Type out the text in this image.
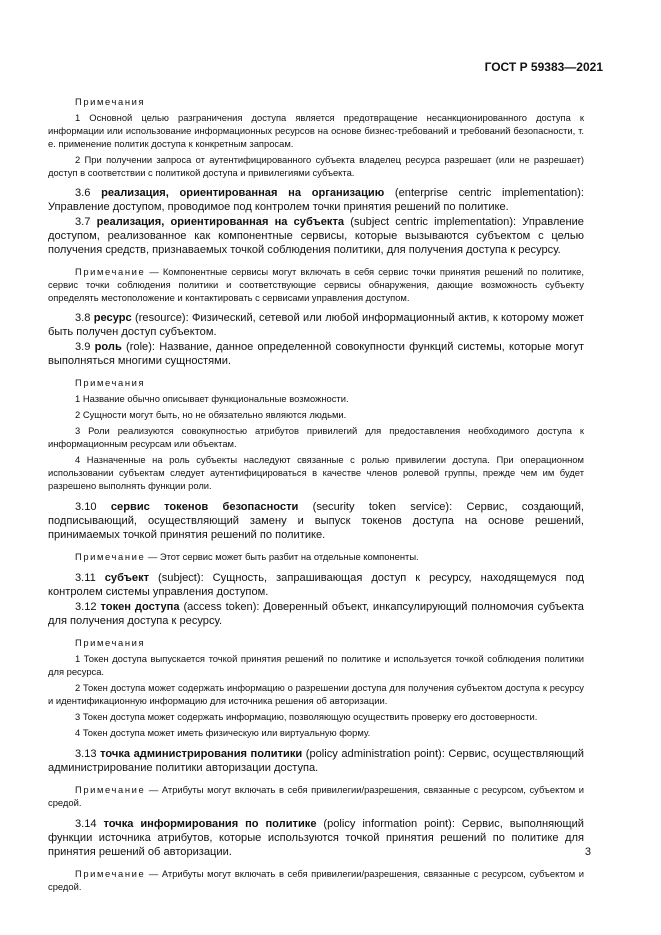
ГОСТ Р 59383—2021

Примечания

1 Основной целью разграничения доступа является предотвращение несанкционированного доступа к информации или использование информационных ресурсов на основе бизнес-требований и требований безопасности, т. е. применение политик доступа к конкретным запросам.

2 При получении запроса от аутентифицированного субъекта владелец ресурса разрешает (или не разрешает) доступ в соответствии с политикой доступа и привилегиями субъекта.

3.6 реализация, ориентированная на организацию (enterprise centric implementation): Управление доступом, проводимое под контролем точки принятия решений по политике.

3.7 реализация, ориентированная на субъекта (subject centric implementation): Управление доступом, реализованное как компонентные сервисы, которые вызываются субъектом с целью получения средств, признаваемых точкой соблюдения политики, для получения доступа к ресурсу.

Примечание — Компонентные сервисы могут включать в себя сервис точки принятия решений по политике, сервис точки соблюдения политики и соответствующие сервисы обнаружения, дающие возможность субъекту определять местоположение и контактировать с сервисами управления доступом.

3.8 ресурс (resource): Физический, сетевой или любой информационный актив, к которому может быть получен доступ субъектом.

3.9 роль (role): Название, данное определенной совокупности функций системы, которые могут выполняться многими сущностями.

Примечания

1 Название обычно описывает функциональные возможности.

2 Сущности могут быть, но не обязательно являются людьми.

3 Роли реализуются совокупностью атрибутов привилегий для предоставления необходимого доступа к информационным ресурсам или объектам.

4 Назначенные на роль субъекты наследуют связанные с ролью привилегии доступа. При операционном использовании субъектам следует аутентифицироваться в качестве членов ролевой группы, прежде чем им будет разрешено выполнять функции роли.

3.10 сервис токенов безопасности (security token service): Сервис, создающий, подписывающий, осуществляющий замену и выпуск токенов доступа на основе решений, принимаемых точкой принятия решений по политике.

Примечание — Этот сервис может быть разбит на отдельные компоненты.

3.11 субъект (subject): Сущность, запрашивающая доступ к ресурсу, находящемуся под контролем системы управления доступом.

3.12 токен доступа (access token): Доверенный объект, инкапсулирующий полномочия субъекта для получения доступа к ресурсу.

Примечания

1 Токен доступа выпускается точкой принятия решений по политике и используется точкой соблюдения политики для ресурса.

2 Токен доступа может содержать информацию о разрешении доступа для получения субъектом доступа к ресурсу и идентификационную информацию для источника решения об авторизации.

3 Токен доступа может содержать информацию, позволяющую осуществить проверку его достоверности.

4 Токен доступа может иметь физическую или виртуальную форму.

3.13 точка администрирования политики (policy administration point): Сервис, осуществляющий администрирование политики авторизации доступа.

Примечание — Атрибуты могут включать в себя привилегии/разрешения, связанные с ресурсом, субъектом и средой.

3.14 точка информирования по политике (policy information point): Сервис, выполняющий функции источника атрибутов, которые используются точкой принятия решений по политике для принятия решений об авторизации.

Примечание — Атрибуты могут включать в себя привилегии/разрешения, связанные с ресурсом, субъектом и средой.

3
